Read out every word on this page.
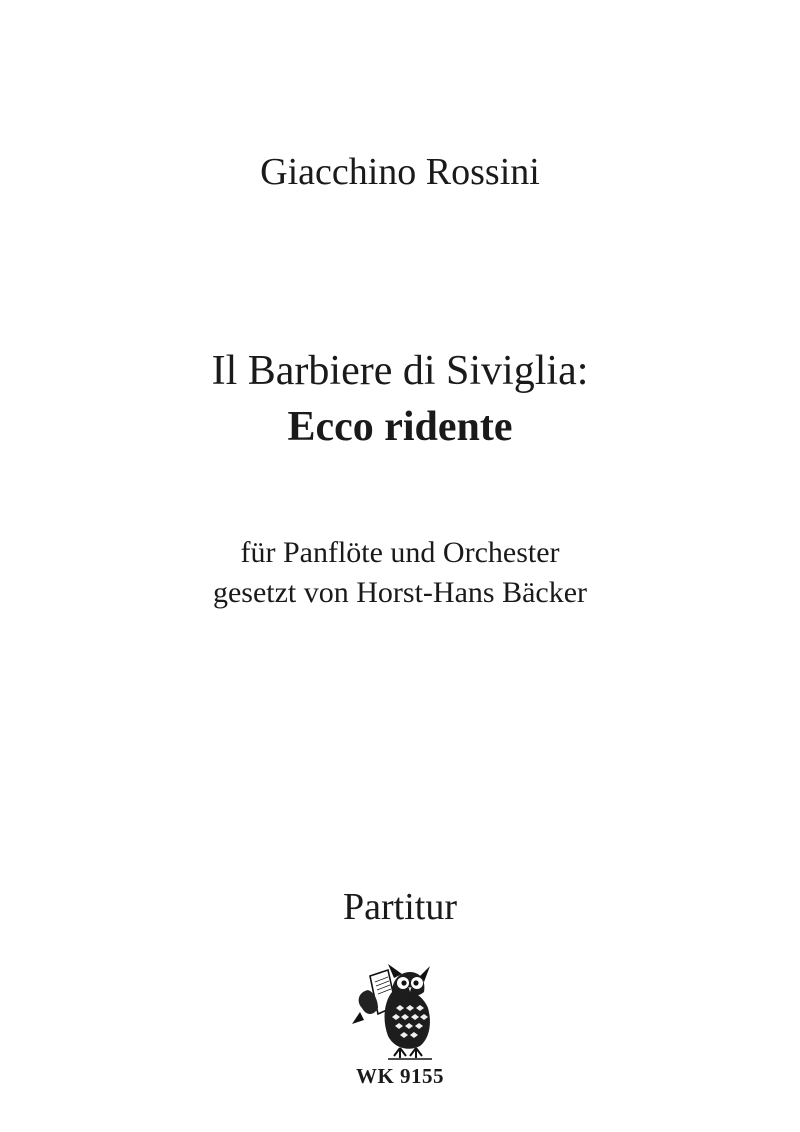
Giacchino Rossini
Il Barbiere di Siviglia:
Ecco ridente
für Panflöte und Orchester
gesetzt von Horst-Hans Bäcker
Partitur
WK 9155
